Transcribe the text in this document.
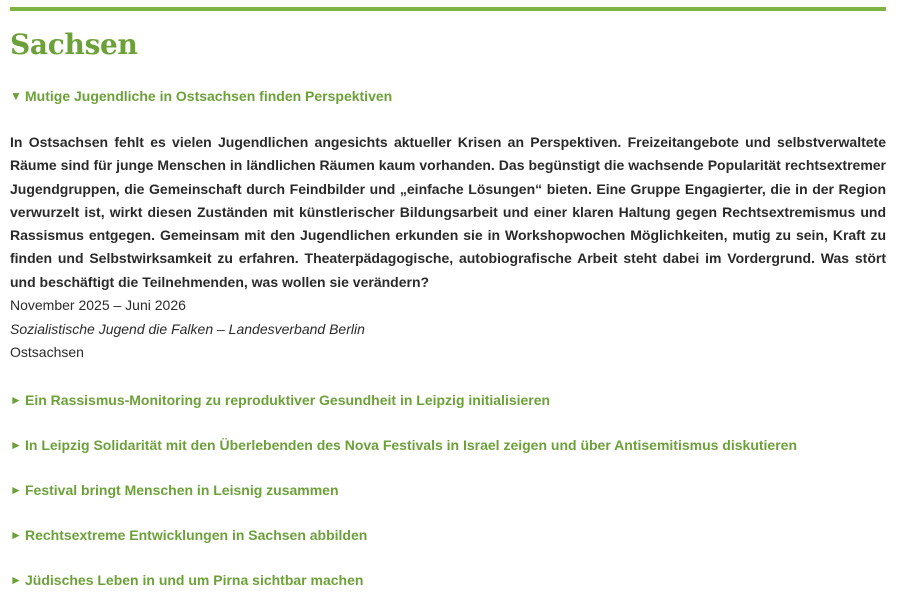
Sachsen
▼ Mutige Jugendliche in Ostsachsen finden Perspektiven
In Ostsachsen fehlt es vielen Jugendlichen angesichts aktueller Krisen an Perspektiven. Freizeitangebote und selbstverwaltete Räume sind für junge Menschen in ländlichen Räumen kaum vorhanden. Das begünstigt die wachsende Popularität rechtsextremer Jugendgruppen, die Gemeinschaft durch Feindbilder und „einfache Lösungen“ bieten. Eine Gruppe Engagierter, die in der Region verwurzelt ist, wirkt diesen Zuständen mit künstlerischer Bildungsarbeit und einer klaren Haltung gegen Rechtsextremismus und Rassismus entgegen. Gemeinsam mit den Jugendlichen erkunden sie in Workshopwochen Möglichkeiten, mutig zu sein, Kraft zu finden und Selbstwirksamkeit zu erfahren. Theaterpädagogische, autobiografische Arbeit steht dabei im Vordergrund. Was stört und beschäftigt die Teilnehmenden, was wollen sie verändern?
November 2025 – Juni 2026
Sozialistische Jugend die Falken – Landesverband Berlin
Ostsachsen
► Ein Rassismus-Monitoring zu reproduktiver Gesundheit in Leipzig initialisieren
► In Leipzig Solidarität mit den Überlebenden des Nova Festivals in Israel zeigen und über Antisemitismus diskutieren
► Festival bringt Menschen in Leisnig zusammen
► Rechtsextreme Entwicklungen in Sachsen abbilden
► Jüdisches Leben in und um Pirna sichtbar machen
